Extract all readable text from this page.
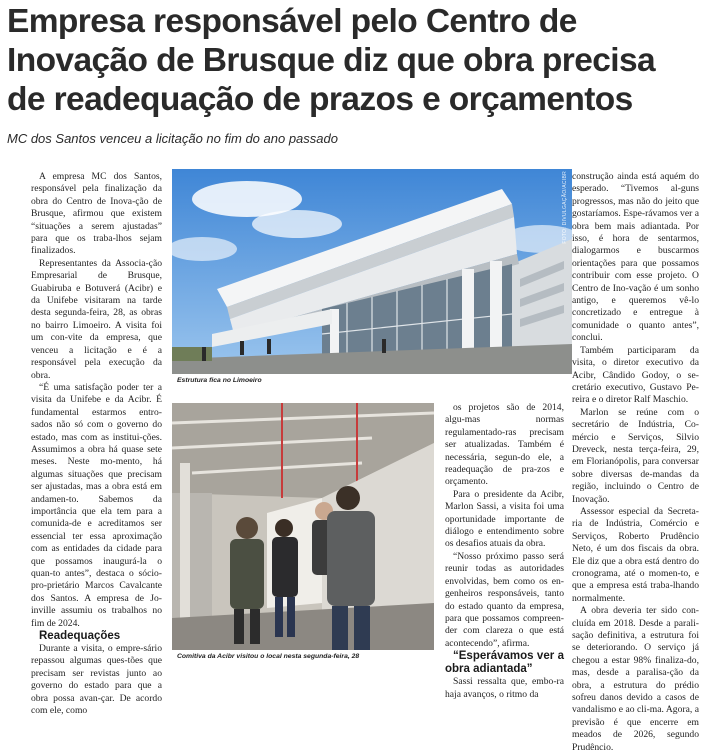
Empresa responsável pelo Centro de
Inovação de Brusque diz que obra precisa
de readequação de prazos e orçamentos
MC dos Santos venceu a licitação no fim do ano passado

A empresa MC dos Santos, responsável pela finalização da obra do Centro de Inova-ção de Brusque, afirmou que existem “situações a serem ajustadas” para que os traba-lhos sejam finalizados.

Representantes da Associa-ção Empresarial de Brusque, Guabiruba e Botuverá (Acibr) e da Unifebe visitaram na tarde desta segunda-feira, 28, as obras no bairro Limoeiro. A visita foi um con-vite da empresa, que venceu a licitação e é a responsável pela execução da obra.

“É uma satisfação poder ter a visita da Unifebe e da Acibr. É fundamental estarmos entro-sados não só com o governo do estado, mas com as institui-ções. Assumimos a obra há quase sete meses. Neste mo-mento, há algumas situações que precisam ser ajustadas, mas a obra está em andamen-to. Sabemos da importância que ela tem para a comunida-de e acreditamos ser essencial ter essa aproximação com as entidades da cidade para que possamos inaugurá-la o quan-to antes”, destaca o sócio-pro-prietário Marcos Cavalcante dos Santos. A empresa de Jo-inville assumiu os trabalhos no fim de 2024.

Readequações

Durante a visita, o empre-sário repassou algumas ques-tões que precisam ser revistas junto ao governo do estado para que a obra possa avan-çar. De acordo com ele, como

FOTO: DIVULGAÇÃO/ACIBR
Estrutura fica no Limoeiro
Comitiva da Acibr visitou o local nesta segunda-feira, 28

os projetos são de 2014, algu-mas normas regulamentado-ras precisam ser atualizadas. Também é necessária, segun-do ele, a readequação de pra-zos e orçamento.

Para o presidente da Acibr, Marlon Sassi, a visita foi uma oportunidade importante de diálogo e entendimento sobre os desafios atuais da obra.

“Nosso próximo passo será reunir todas as autoridades envolvidas, bem como os en-genheiros responsáveis, tanto do estado quanto da empresa, para que possamos compreen-der com clareza o que está acontecendo”, afirma.

“Esperávamos ver a obra adiantada”

Sassi ressalta que, embo-ra haja avanços, o ritmo da

construção ainda está aquém do esperado. “Tivemos al-guns progressos, mas não do jeito que gostaríamos. Espe-rávamos ver a obra bem mais adiantada. Por isso, é hora de sentarmos, dialogarmos e buscarmos orientações para que possamos contribuir com esse projeto. O Centro de Ino-vação é um sonho antigo, e queremos vê-lo concretizado e entregue à comunidade o quanto antes”, conclui.

Também participaram da visita, o diretor executivo da Acibr, Cândido Godoy, o se-cretário executivo, Gustavo Pe-reira e o diretor Ralf Maschio.

Marlon se reúne com o secretário de Indústria, Co-mércio e Serviços, Silvio Dreveck, nesta terça-feira, 29, em Florianópolis, para conversar sobre diversas de-mandas da região, incluindo o Centro de Inovação.

Assessor especial da Secreta-ria de Indústria, Comércio e Serviços, Roberto Prudêncio Neto, é um dos fiscais da obra. Ele diz que a obra está dentro do cronograma, até o momen-to, e que a empresa está traba-lhando normalmente.

A obra deveria ter sido con-cluída em 2018. Desde a parali-sação definitiva, a estrutura foi se deteriorando. O serviço já chegou a estar 98% finaliza-do, mas, desde a paralisa-ção da obra, a estrutura do prédio sofreu danos devido a casos de vandalismo e ao cli-ma. Agora, a previsão é que encerre em meados de 2026, segundo Prudêncio.
